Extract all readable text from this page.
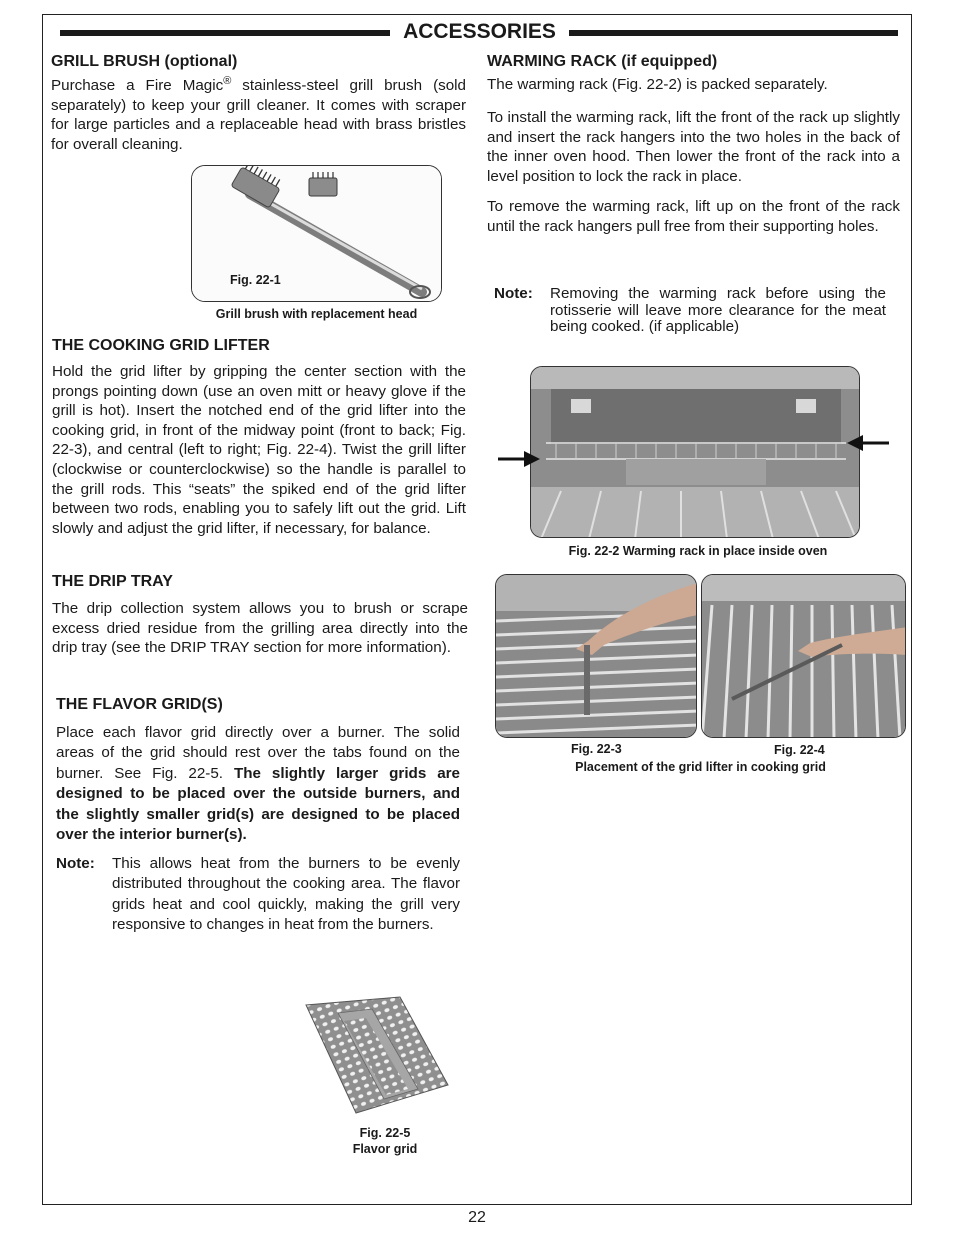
ACCESSORIES
GRILL BRUSH (optional)

Purchase a Fire Magic® stainless-steel grill brush (sold separately) to keep your grill cleaner. It comes with scraper for large particles and a replaceable head with brass bristles for overall cleaning.

Fig. 22-1
Grill brush with replacement head
THE COOKING GRID LIFTER

Hold the grid lifter by gripping the center section with the prongs pointing down (use an oven mitt or heavy glove if the grill is hot). Insert the notched end of the grid lifter into the cooking grid, in front of the midway point (front to back; Fig. 22-3), and central (left to right; Fig. 22-4). Twist the grill lifter (clockwise or counterclockwise) so the handle is parallel to the grill rods. This “seats” the spiked end of the grid lifter between two rods, enabling you to safely lift out the grid. Lift slowly and adjust the grid lifter, if necessary, for balance.

THE DRIP TRAY

The drip collection system allows you to brush or scrape excess dried residue from the grilling area directly into the drip tray (see the DRIP TRAY section for more information).

THE FLAVOR GRID(S)

Place each flavor grid directly over a burner. The solid areas of the grid should rest over the tabs found on the burner. See Fig. 22-5. The slightly larger grids are designed to be placed over the outside burners, and the slightly smaller grid(s) are designed to be placed over the interior burner(s).

Note: This allows heat from the burners to be evenly distributed throughout the cooking area. The flavor grids heat and cool quickly, making the grill very responsive to changes in heat from the burners.
Fig. 22-5
Flavor grid
WARMING RACK (if equipped)

The warming rack (Fig. 22-2) is packed separately.

To install the warming rack, lift the front of the rack up slightly and insert the rack hangers into the two holes in the back of the inner oven hood. Then lower the front of the rack into a level position to lock the rack in place.

To remove the warming rack, lift up on the front of the rack until the rack hangers pull free from their supporting holes.

Note: Removing the warming rack before using the rotisserie will leave more clearance for the meat being cooked. (if applicable)
Fig. 22-2 Warming rack in place inside oven
Fig. 22-3	Fig. 22-4
Placement of the grid lifter in cooking grid
22
